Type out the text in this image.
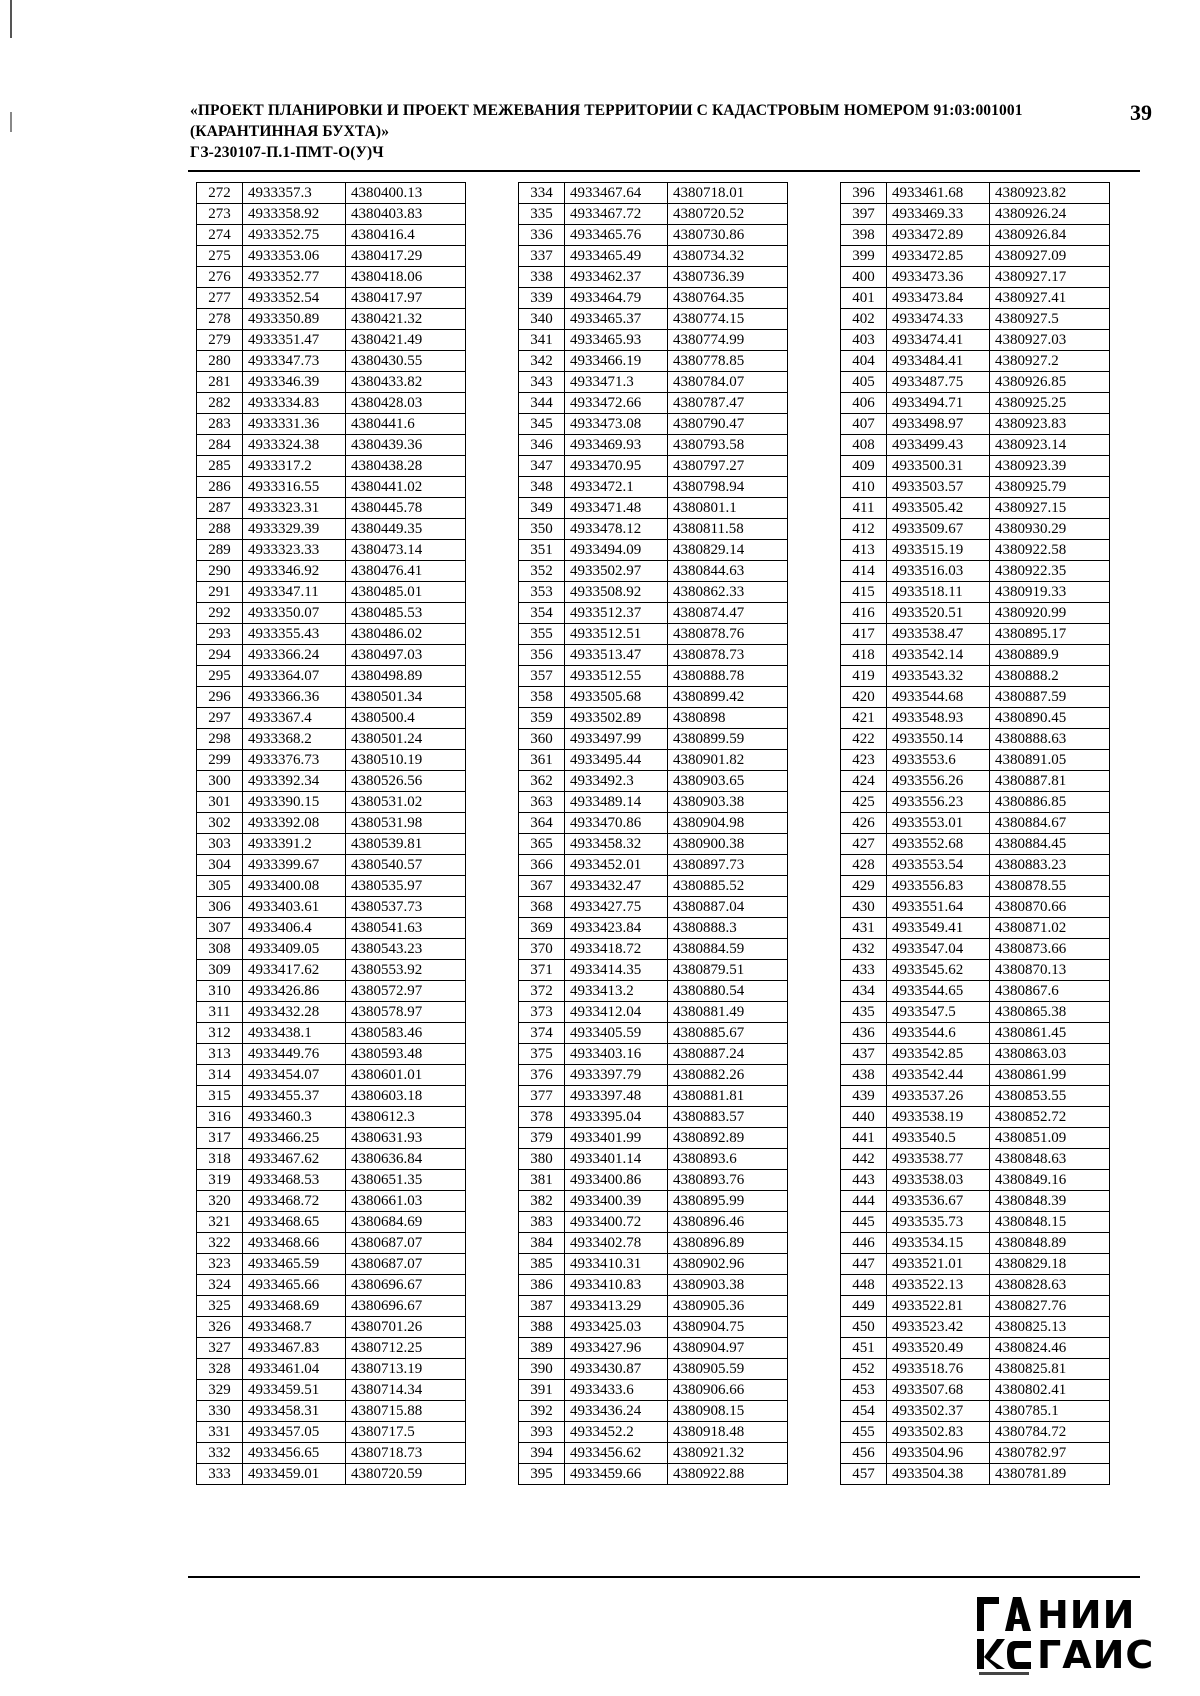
«ПРОЕКТ ПЛАНИРОВКИ И ПРОЕКТ МЕЖЕВАНИЯ ТЕРРИТОРИИ С КАДАСТРОВЫМ НОМЕРОМ 91:03:001001
(КАРАНТИННАЯ БУХТА)»
ГЗ-230107-П.1-ПМТ-О(У)Ч
39
272	4933357.3	4380400.13
273	4933358.92	4380403.83
274	4933352.75	4380416.4
275	4933353.06	4380417.29
276	4933352.77	4380418.06
277	4933352.54	4380417.97
278	4933350.89	4380421.32
279	4933351.47	4380421.49
280	4933347.73	4380430.55
281	4933346.39	4380433.82
282	4933334.83	4380428.03
283	4933331.36	4380441.6
284	4933324.38	4380439.36
285	4933317.2	4380438.28
286	4933316.55	4380441.02
287	4933323.31	4380445.78
288	4933329.39	4380449.35
289	4933323.33	4380473.14
290	4933346.92	4380476.41
291	4933347.11	4380485.01
292	4933350.07	4380485.53
293	4933355.43	4380486.02
294	4933366.24	4380497.03
295	4933364.07	4380498.89
296	4933366.36	4380501.34
297	4933367.4	4380500.4
298	4933368.2	4380501.24
299	4933376.73	4380510.19
300	4933392.34	4380526.56
301	4933390.15	4380531.02
302	4933392.08	4380531.98
303	4933391.2	4380539.81
304	4933399.67	4380540.57
305	4933400.08	4380535.97
306	4933403.61	4380537.73
307	4933406.4	4380541.63
308	4933409.05	4380543.23
309	4933417.62	4380553.92
310	4933426.86	4380572.97
311	4933432.28	4380578.97
312	4933438.1	4380583.46
313	4933449.76	4380593.48
314	4933454.07	4380601.01
315	4933455.37	4380603.18
316	4933460.3	4380612.3
317	4933466.25	4380631.93
318	4933467.62	4380636.84
319	4933468.53	4380651.35
320	4933468.72	4380661.03
321	4933468.65	4380684.69
322	4933468.66	4380687.07
323	4933465.59	4380687.07
324	4933465.66	4380696.67
325	4933468.69	4380696.67
326	4933468.7	4380701.26
327	4933467.83	4380712.25
328	4933461.04	4380713.19
329	4933459.51	4380714.34
330	4933458.31	4380715.88
331	4933457.05	4380717.5
332	4933456.65	4380718.73
333	4933459.01	4380720.59
334	4933467.64	4380718.01
335	4933467.72	4380720.52
336	4933465.76	4380730.86
337	4933465.49	4380734.32
338	4933462.37	4380736.39
339	4933464.79	4380764.35
340	4933465.37	4380774.15
341	4933465.93	4380774.99
342	4933466.19	4380778.85
343	4933471.3	4380784.07
344	4933472.66	4380787.47
345	4933473.08	4380790.47
346	4933469.93	4380793.58
347	4933470.95	4380797.27
348	4933472.1	4380798.94
349	4933471.48	4380801.1
350	4933478.12	4380811.58
351	4933494.09	4380829.14
352	4933502.97	4380844.63
353	4933508.92	4380862.33
354	4933512.37	4380874.47
355	4933512.51	4380878.76
356	4933513.47	4380878.73
357	4933512.55	4380888.78
358	4933505.68	4380899.42
359	4933502.89	4380898
360	4933497.99	4380899.59
361	4933495.44	4380901.82
362	4933492.3	4380903.65
363	4933489.14	4380903.38
364	4933470.86	4380904.98
365	4933458.32	4380900.38
366	4933452.01	4380897.73
367	4933432.47	4380885.52
368	4933427.75	4380887.04
369	4933423.84	4380888.3
370	4933418.72	4380884.59
371	4933414.35	4380879.51
372	4933413.2	4380880.54
373	4933412.04	4380881.49
374	4933405.59	4380885.67
375	4933403.16	4380887.24
376	4933397.79	4380882.26
377	4933397.48	4380881.81
378	4933395.04	4380883.57
379	4933401.99	4380892.89
380	4933401.14	4380893.6
381	4933400.86	4380893.76
382	4933400.39	4380895.99
383	4933400.72	4380896.46
384	4933402.78	4380896.89
385	4933410.31	4380902.96
386	4933410.83	4380903.38
387	4933413.29	4380905.36
388	4933425.03	4380904.75
389	4933427.96	4380904.97
390	4933430.87	4380905.59
391	4933433.6	4380906.66
392	4933436.24	4380908.15
393	4933452.2	4380918.48
394	4933456.62	4380921.32
395	4933459.66	4380922.88
396	4933461.68	4380923.82
397	4933469.33	4380926.24
398	4933472.89	4380926.84
399	4933472.85	4380927.09
400	4933473.36	4380927.17
401	4933473.84	4380927.41
402	4933474.33	4380927.5
403	4933474.41	4380927.03
404	4933484.41	4380927.2
405	4933487.75	4380926.85
406	4933494.71	4380925.25
407	4933498.97	4380923.83
408	4933499.43	4380923.14
409	4933500.31	4380923.39
410	4933503.57	4380925.79
411	4933505.42	4380927.15
412	4933509.67	4380930.29
413	4933515.19	4380922.58
414	4933516.03	4380922.35
415	4933518.11	4380919.33
416	4933520.51	4380920.99
417	4933538.47	4380895.17
418	4933542.14	4380889.9
419	4933543.32	4380888.2
420	4933544.68	4380887.59
421	4933548.93	4380890.45
422	4933550.14	4380888.63
423	4933553.6	4380891.05
424	4933556.26	4380887.81
425	4933556.23	4380886.85
426	4933553.01	4380884.67
427	4933552.68	4380884.45
428	4933553.54	4380883.23
429	4933556.83	4380878.55
430	4933551.64	4380870.66
431	4933549.41	4380871.02
432	4933547.04	4380873.66
433	4933545.62	4380870.13
434	4933544.65	4380867.6
435	4933547.5	4380865.38
436	4933544.6	4380861.45
437	4933542.85	4380863.03
438	4933542.44	4380861.99
439	4933537.26	4380853.55
440	4933538.19	4380852.72
441	4933540.5	4380851.09
442	4933538.77	4380848.63
443	4933538.03	4380849.16
444	4933536.67	4380848.39
445	4933535.73	4380848.15
446	4933534.15	4380848.89
447	4933521.01	4380829.18
448	4933522.13	4380828.63
449	4933522.81	4380827.76
450	4933523.42	4380825.13
451	4933520.49	4380824.46
452	4933518.76	4380825.81
453	4933507.68	4380802.41
454	4933502.37	4380785.1
455	4933502.83	4380784.72
456	4933504.96	4380782.97
457	4933504.38	4380781.89
НИИ
ГАИС
